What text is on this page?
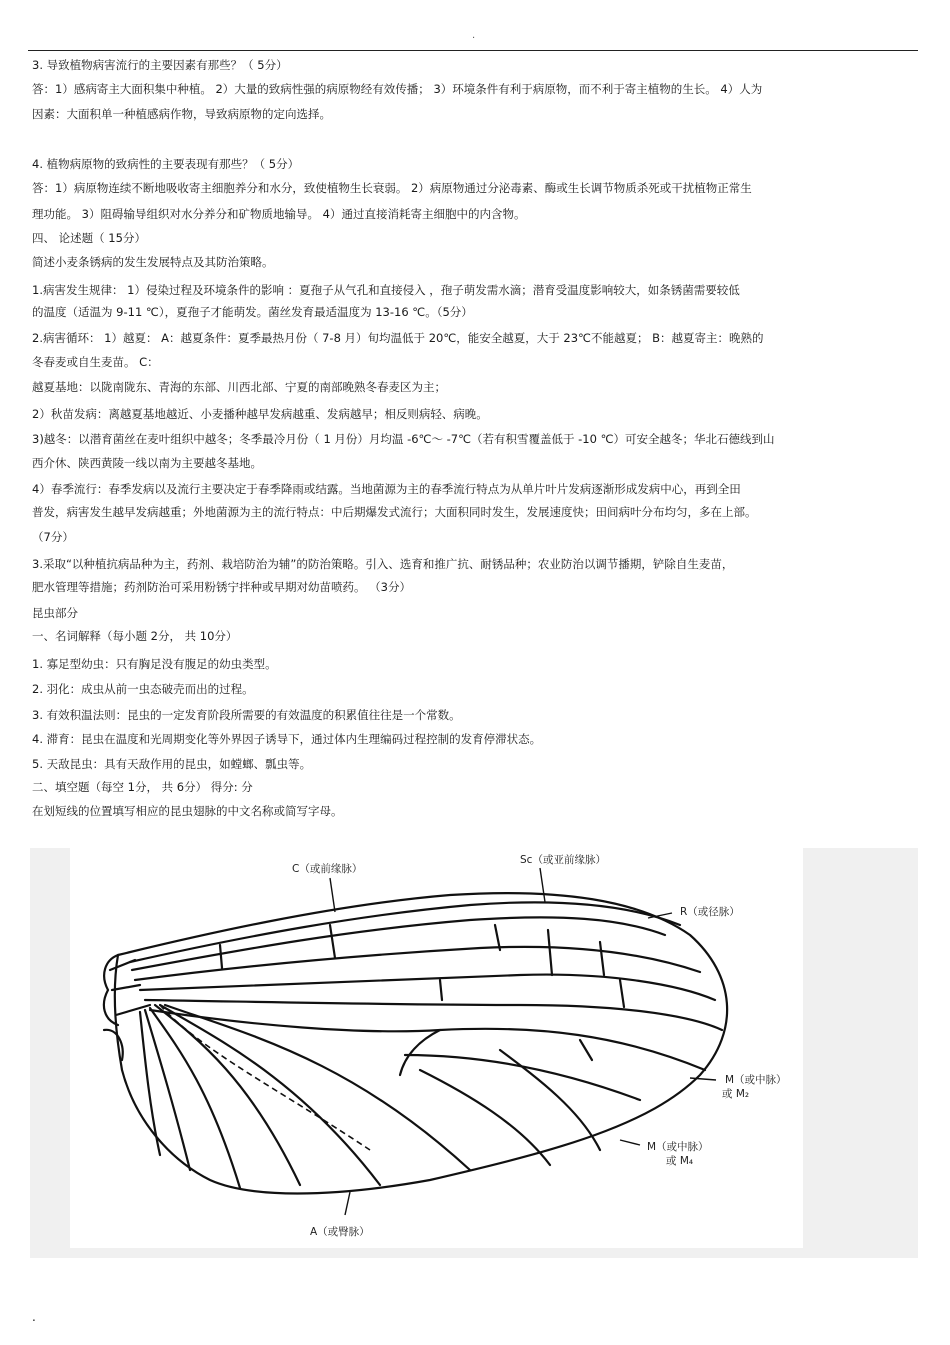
.
3. 导致植物病害流行的主要因素有那些？（ 5分）
答：1）感病寄主大面积集中种植。 2）大量的致病性强的病原物经有效传播； 3）环境条件有利于病原物，而不利于寄主植物的生长。 4）人为
因素：大面积单一种植感病作物，导致病原物的定向选择。
4. 植物病原物的致病性的主要表现有那些？（ 5分）
答：1）病原物连续不断地吸收寄主细胞养分和水分，致使植物生长衰弱。 2）病原物通过分泌毒素、酶或生长调节物质杀死或干扰植物正常生
理功能。 3）阻碍输导组织对水分养分和矿物质地输导。 4）通过直接消耗寄主细胞中的内含物。
四、 论述题（ 15分）
简述小麦条锈病的发生发展特点及其防治策略。
1.病害发生规律： 1）侵染过程及环境条件的影响 ：夏孢子从气孔和直接侵入 ，孢子萌发需水滴；潜育受温度影响较大，如条锈菌需要较低
的温度（适温为 9-11 ℃），夏孢子才能萌发。菌丝发育最适温度为 13-16 ℃。（5分）
2.病害循环： 1）越夏： A：越夏条件：夏季最热月份（ 7-8 月）旬均温低于 20℃，能安全越夏，大于 23℃不能越夏； B：越夏寄主：晚熟的
冬春麦或自生麦苗。 C：
越夏基地：以陇南陇东、青海的东部、川西北部、宁夏的南部晚熟冬春麦区为主；
2）秋苗发病：离越夏基地越近、小麦播种越早发病越重、发病越早；相反则病轻、病晚。
3)越冬：以潜育菌丝在麦叶组织中越冬；冬季最冷月份（ 1 月份）月均温 -6℃～ -7℃（若有积雪覆盖低于 -10 ℃）可安全越冬；华北石德线到山
西介休、陕西黄陵一线以南为主要越冬基地。
4）春季流行：春季发病以及流行主要决定于春季降雨或结露。当地菌源为主的春季流行特点为从单片叶片发病逐渐形成发病中心，再到全田
普发，病害发生越早发病越重；外地菌源为主的流行特点：中后期爆发式流行；大面积同时发生，发展速度快；田间病叶分布均匀，多在上部。
（7分）
3.采取“以种植抗病品种为主，药剂、栽培防治为辅”的防治策略。引入、选育和推广抗、耐锈品种；农业防治以调节播期，铲除自生麦苗，
肥水管理等措施；药剂防治可采用粉锈宁拌种或早期对幼苗喷药。 （3分）
昆虫部分
一、名词解释（每小题 2分， 共 10分）
1. 寡足型幼虫：只有胸足没有腹足的幼虫类型。
2. 羽化：成虫从前一虫态破壳而出的过程。
3. 有效积温法则：昆虫的一定发育阶段所需要的有效温度的积累值往往是一个常数。
4. 滞育：昆虫在温度和光周期变化等外界因子诱导下，通过体内生理编码过程控制的发育停滞状态。
5. 天敌昆虫：具有天敌作用的昆虫，如螳螂、瓢虫等。
二、填空题（每空 1分， 共 6分） 得分: 分
在划短线的位置填写相应的昆虫翅脉的中文名称或简写字母。
C（或前缘脉）
Sc（或亚前缘脉）
R（或径脉）
M（或中脉）
或 M₂
M（或中脉）
或 M₄
A（或臀脉）
.
